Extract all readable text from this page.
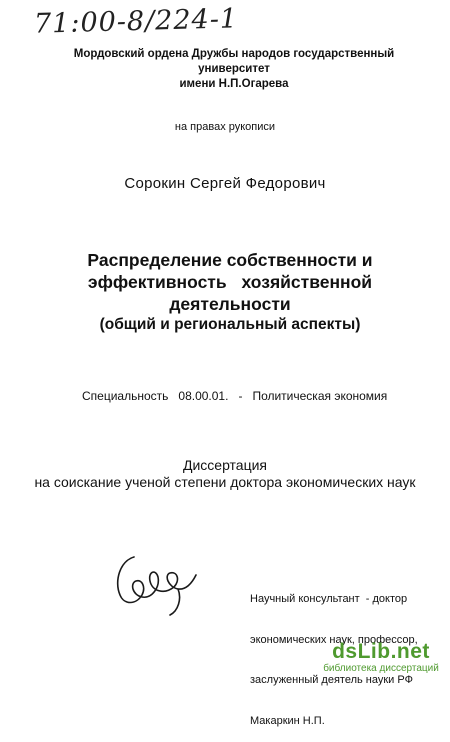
71:00-8/224-1
Мордовский ордена Дружбы народов государственный университет
имени Н.П.Огарева
на правах рукописи
Сорокин Сергей Федорович
Распределение собственности и
эффективность хозяйственной
деятельности
(общий и региональный аспекты)
Специальность   08.00.01.   -   Политическая экономия
Диссертация
на соискание ученой степени доктора экономических наук

Научный консультант  - доктор

экономических наук, профессор,

заслуженный деятель науки РФ

Макаркин Н.П.

dsLib.net
библиотека диссертаций
